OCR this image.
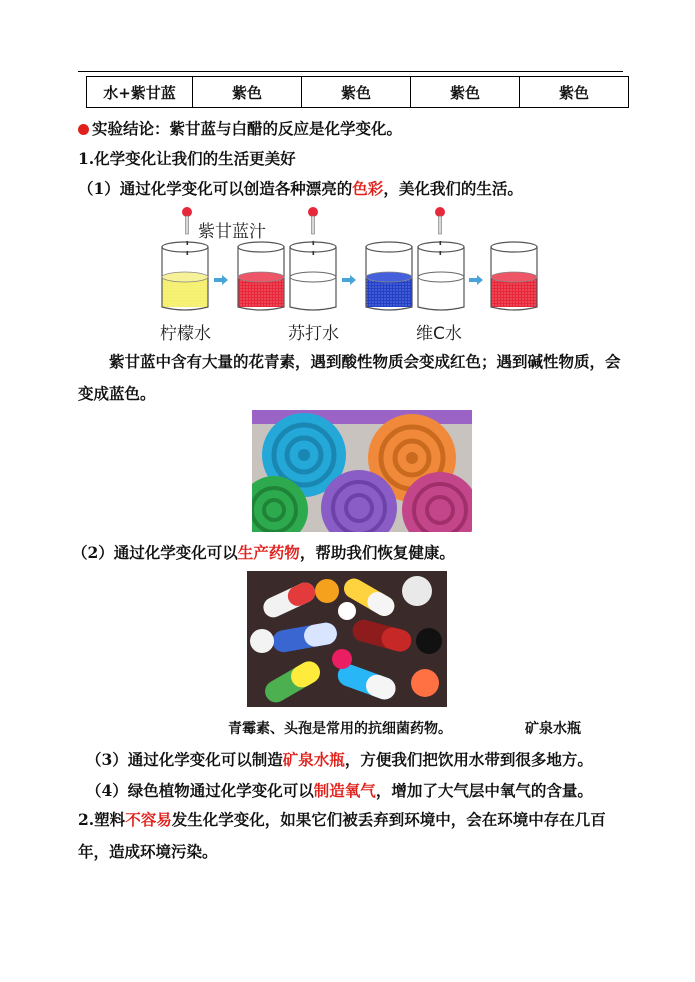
水+紫甘蓝	紫色	紫色	紫色	紫色
实验结论：紫甘蓝与白醋的反应是化学变化。
1.化学变化让我们的生活更美好
（1）通过化学变化可以创造各种漂亮的色彩，美化我们的生活。
紫甘蓝汁
柠檬水	苏打水	维C水
紫甘蓝中含有大量的花青素，遇到酸性物质会变成红色；遇到碱性物质，会变成蓝色。
（2）通过化学变化可以生产药物，帮助我们恢复健康。
青霉素、头孢是常用的抗细菌药物。	矿泉水瓶
（3）通过化学变化可以制造矿泉水瓶，方便我们把饮用水带到很多地方。
（4）绿色植物通过化学变化可以制造氧气，增加了大气层中氧气的含量。
2.塑料不容易发生化学变化，如果它们被丢弃到环境中，会在环境中存在几百年，造成环境污染。
